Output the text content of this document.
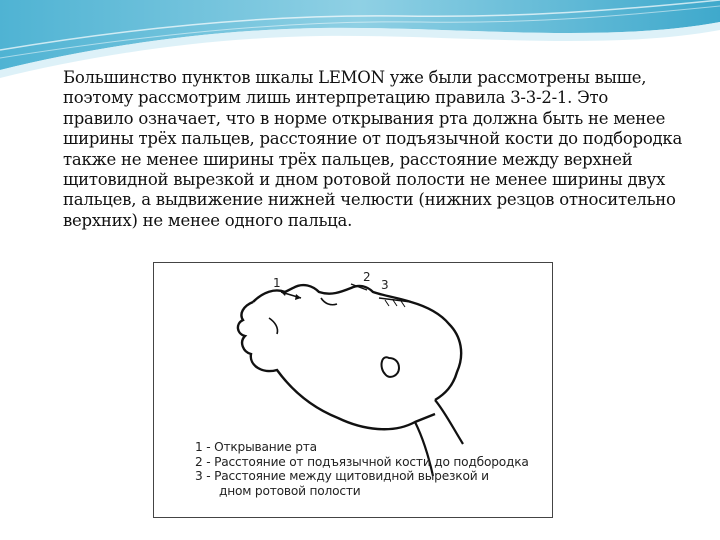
Большинство пунктов шкалы LEMON уже были рассмотрены выше, поэтому рассмотрим лишь интерпретацию правила 3-3-2-1. Это правило означает, что в норме открывания рта должна быть не менее ширины трёх пальцев, расстояние от подъязычной кости до подбородка также не менее ширины трёх пальцев, расстояние между верхней щитовидной вырезкой и дном ротовой полости не менее ширины двух пальцев, а выдвижение нижней челюсти (нижних резцов относительно верхних) не менее одного пальца.

1	2
3
1 - Открывание рта
2 - Расстояние от подъязычной кости до подбородка
3 - Расстояние между щитовидной вырезкой и
дном ротовой полости
